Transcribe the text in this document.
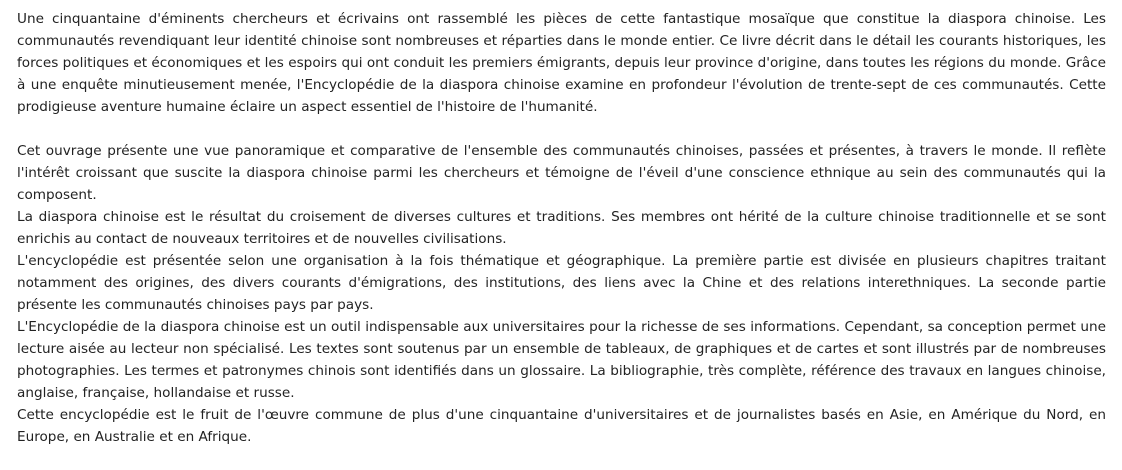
Une cinquantaine d'éminents chercheurs et écrivains ont rassemblé les pièces de cette fantastique mosaïque que constitue la diaspora chinoise. Les communautés revendiquant leur identité chinoise sont nombreuses et réparties dans le monde entier. Ce livre décrit dans le détail les courants historiques, les forces politiques et économiques et les espoirs qui ont conduit les premiers émigrants, depuis leur province d'origine, dans toutes les régions du monde. Grâce à une enquête minutieusement menée, l'Encyclopédie de la diaspora chinoise examine en profondeur l'évolution de trente-sept de ces communautés. Cette prodigieuse aventure humaine éclaire un aspect essentiel de l'histoire de l'humanité.

Cet ouvrage présente une vue panoramique et comparative de l'ensemble des communautés chinoises, passées et présentes, à travers le monde. Il reflète l'intérêt croissant que suscite la diaspora chinoise parmi les chercheurs et témoigne de l'éveil d'une conscience ethnique au sein des communautés qui la composent.

La diaspora chinoise est le résultat du croisement de diverses cultures et traditions. Ses membres ont hérité de la culture chinoise traditionnelle et se sont enrichis au contact de nouveaux territoires et de nouvelles civilisations.

L'encyclopédie est présentée selon une organisation à la fois thématique et géographique. La première partie est divisée en plusieurs chapitres traitant notamment des origines, des divers courants d'émigrations, des institutions, des liens avec la Chine et des relations interethniques. La seconde partie présente les communautés chinoises pays par pays.

L'Encyclopédie de la diaspora chinoise est un outil indispensable aux universitaires pour la richesse de ses informations. Cependant, sa conception permet une lecture aisée au lecteur non spécialisé. Les textes sont soutenus par un ensemble de tableaux, de graphiques et de cartes et sont illustrés par de nombreuses photographies. Les termes et patronymes chinois sont identifiés dans un glossaire. La bibliographie, très complète, référence des travaux en langues chinoise, anglaise, française, hollandaise et russe.

Cette encyclopédie est le fruit de l'œuvre commune de plus d'une cinquantaine d'universitaires et de journalistes basés en Asie, en Amérique du Nord, en Europe, en Australie et en Afrique.
